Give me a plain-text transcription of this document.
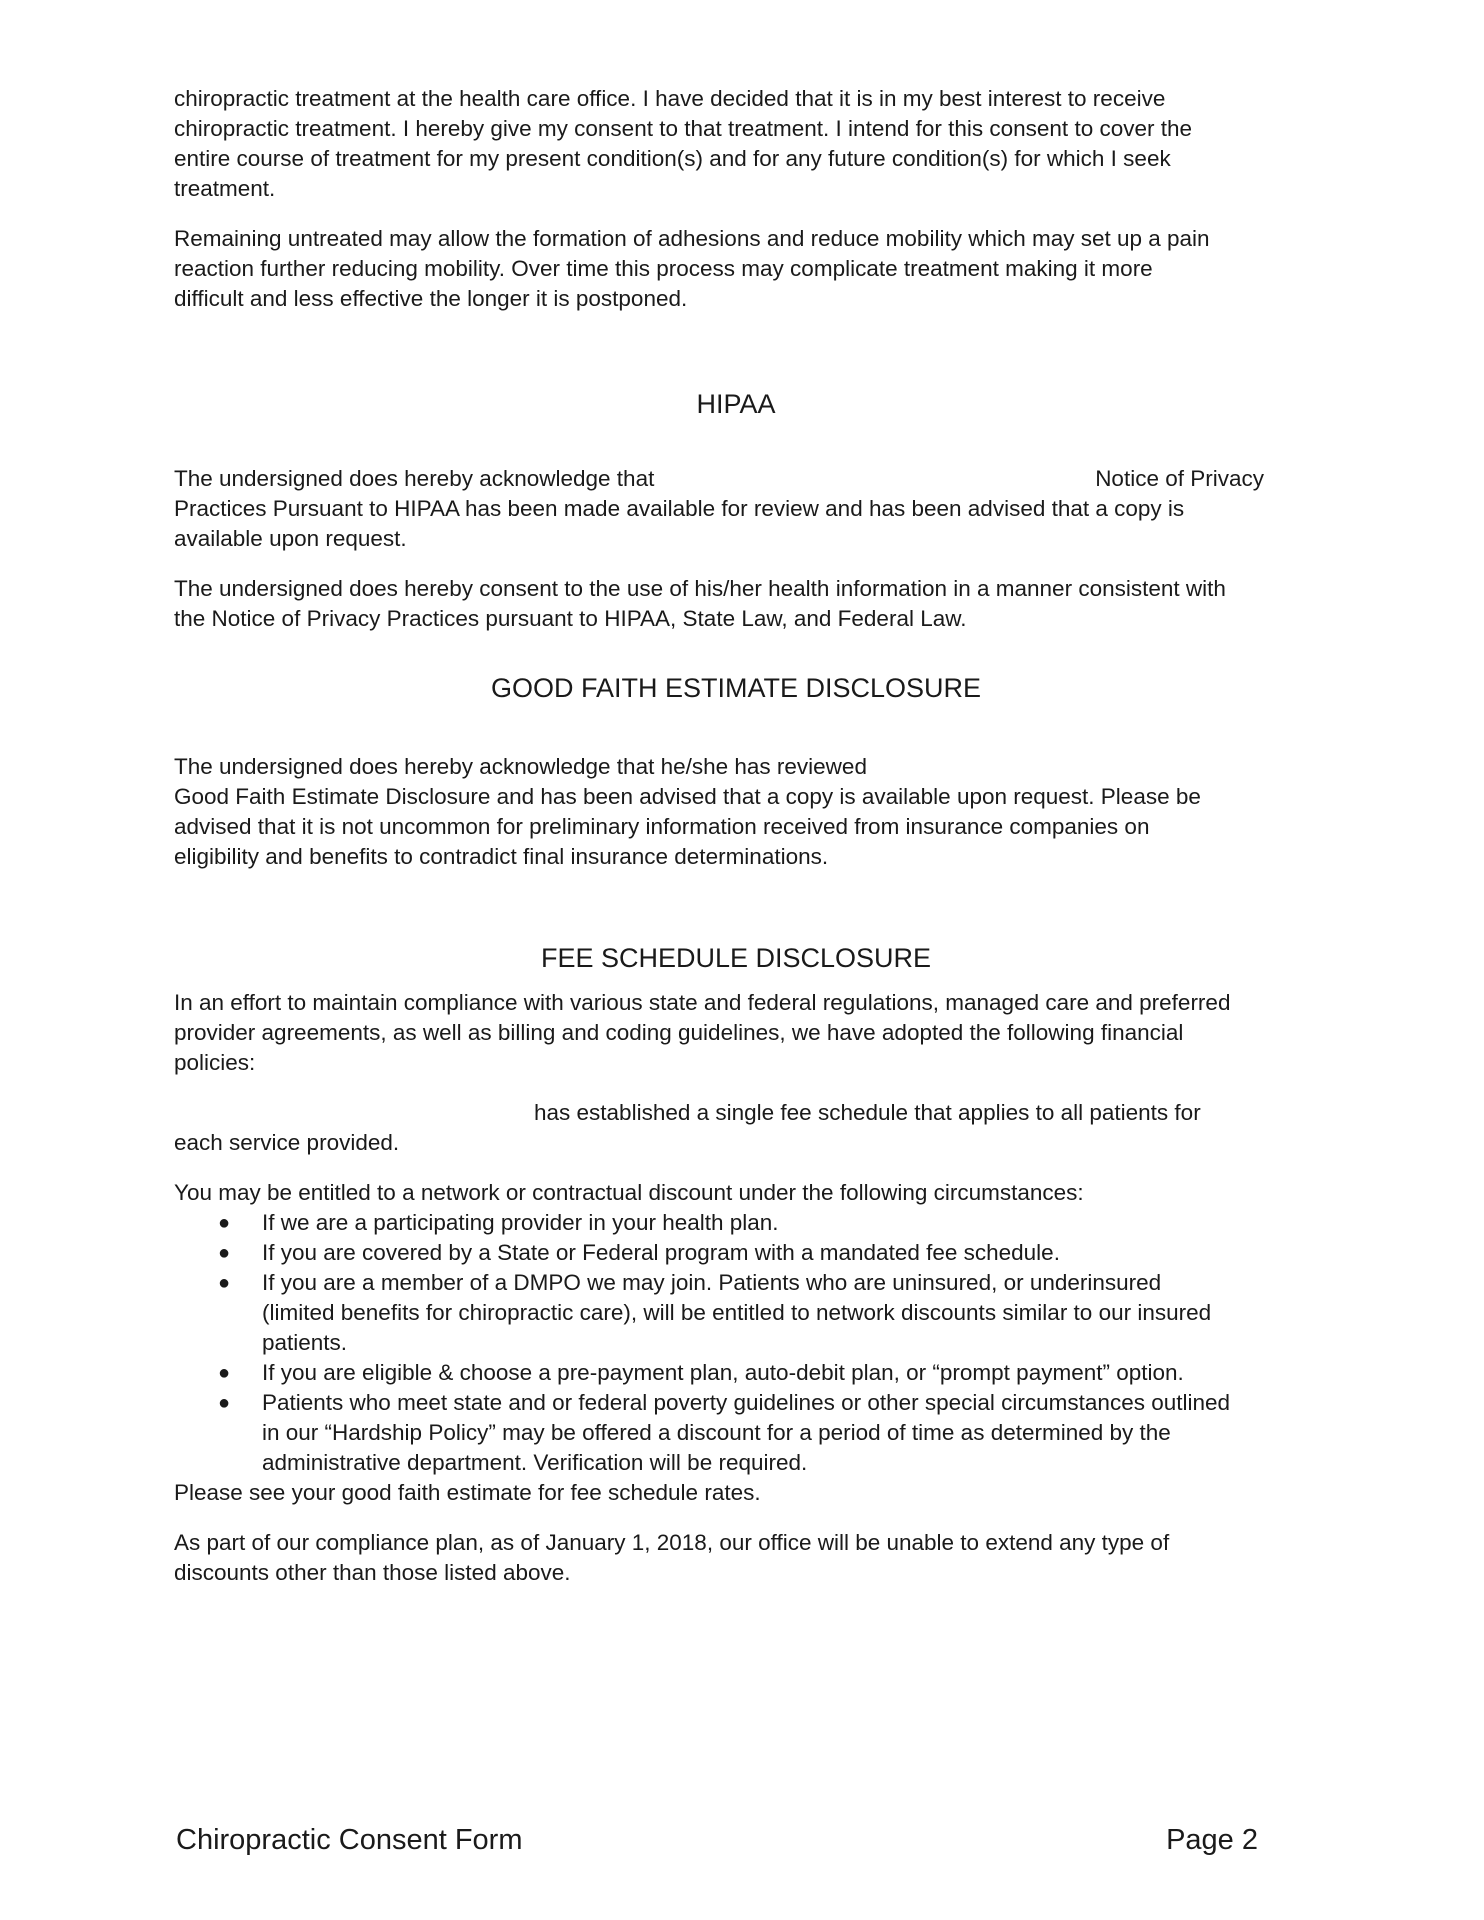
chiropractic treatment at the health care office. I have decided that it is in my best interest to receive
chiropractic treatment. I hereby give my consent to that treatment. I intend for this consent to cover the
entire course of treatment for my present condition(s) and for any future condition(s) for which I seek
treatment.

Remaining untreated may allow the formation of adhesions and reduce mobility which may set up a pain
reaction further reducing mobility. Over time this process may complicate treatment making it more
difficult and less effective the longer it is postponed.

HIPAA

The undersigned does hereby acknowledge that	Notice of Privacy
Practices Pursuant to HIPAA has been made available for review and has been advised that a copy is
available upon request.

The undersigned does hereby consent to the use of his/her health information in a manner consistent with
the Notice of Privacy Practices pursuant to HIPAA, State Law, and Federal Law.

GOOD FAITH ESTIMATE DISCLOSURE

The undersigned does hereby acknowledge that he/she has reviewed
Good Faith Estimate Disclosure and has been advised that a copy is available upon request. Please be
advised that it is not uncommon for preliminary information received from insurance companies on
eligibility and benefits to contradict final insurance determinations.

FEE SCHEDULE DISCLOSURE

In an effort to maintain compliance with various state and federal regulations, managed care and preferred
provider agreements, as well as billing and coding guidelines, we have adopted the following financial
policies:

has established a single fee schedule that applies to all patients for
each service provided.

You may be entitled to a network or contractual discount under the following circumstances:

● If we are a participating provider in your health plan.
● If you are covered by a State or Federal program with a mandated fee schedule.
● If you are a member of a DMPO we may join. Patients who are uninsured, or underinsured
(limited benefits for chiropractic care), will be entitled to network discounts similar to our insured
patients.
● If you are eligible & choose a pre-payment plan, auto-debit plan, or “prompt payment” option.
● Patients who meet state and or federal poverty guidelines or other special circumstances outlined
in our “Hardship Policy” may be offered a discount for a period of time as determined by the
administrative department. Verification will be required.

Please see your good faith estimate for fee schedule rates.

As part of our compliance plan, as of January 1, 2018, our office will be unable to extend any type of
discounts other than those listed above.

Chiropractic Consent Form	Page 2
